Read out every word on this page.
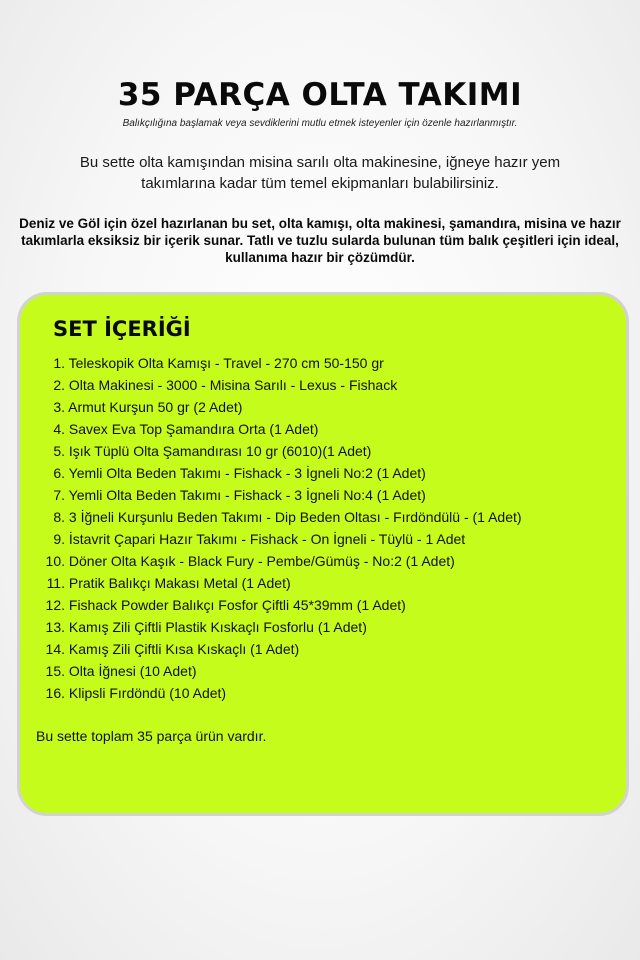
35 PARÇA OLTA TAKIMI
Balıkçılığına başlamak veya sevdiklerini mutlu etmek isteyenler için özenle hazırlanmıştır.
Bu sette olta kamışından misina sarılı olta makinesine, iğneye hazır yem takımlarına kadar tüm temel ekipmanları bulabilirsiniz.
Deniz ve Göl için özel hazırlanan bu set, olta kamışı, olta makinesi, şamandıra, misina ve hazır takımlarla eksiksiz bir içerik sunar. Tatlı ve tuzlu sularda bulunan tüm balık çeşitleri için ideal, kullanıma hazır bir çözümdür.
SET İÇERİĞİ
1. Teleskopik Olta Kamışı - Travel - 270 cm 50-150 gr
2. Olta Makinesi - 3000 - Misina Sarılı - Lexus - Fishack
3. Armut Kurşun 50 gr (2 Adet)
4. Savex Eva Top Şamandıra Orta (1 Adet)
5. Işık Tüplü Olta Şamandırası 10 gr (6010)(1 Adet)
6. Yemli Olta Beden Takımı - Fishack - 3 İgneli No:2 (1 Adet)
7. Yemli Olta Beden Takımı - Fishack - 3 İgneli No:4 (1 Adet)
8. 3 İğneli Kurşunlu Beden Takımı - Dip Beden Oltası - Fırdöndülü - (1 Adet)
9. İstavrit Çapari Hazır Takımı - Fishack - On İgneli - Tüylü - 1 Adet
10. Döner Olta Kaşık - Black Fury - Pembe/Gümüş - No:2 (1 Adet)
11. Pratik Balıkçı Makası Metal (1 Adet)
12. Fishack Powder Balıkçı Fosfor Çiftli 45*39mm (1 Adet)
13. Kamış Zili Çiftli Plastik Kıskaçlı Fosforlu (1 Adet)
14. Kamış Zili Çiftli Kısa Kıskaçlı (1 Adet)
15. Olta İğnesi (10 Adet)
16. Klipsli Fırdöndü (10 Adet)
Bu sette toplam 35 parça ürün vardır.
